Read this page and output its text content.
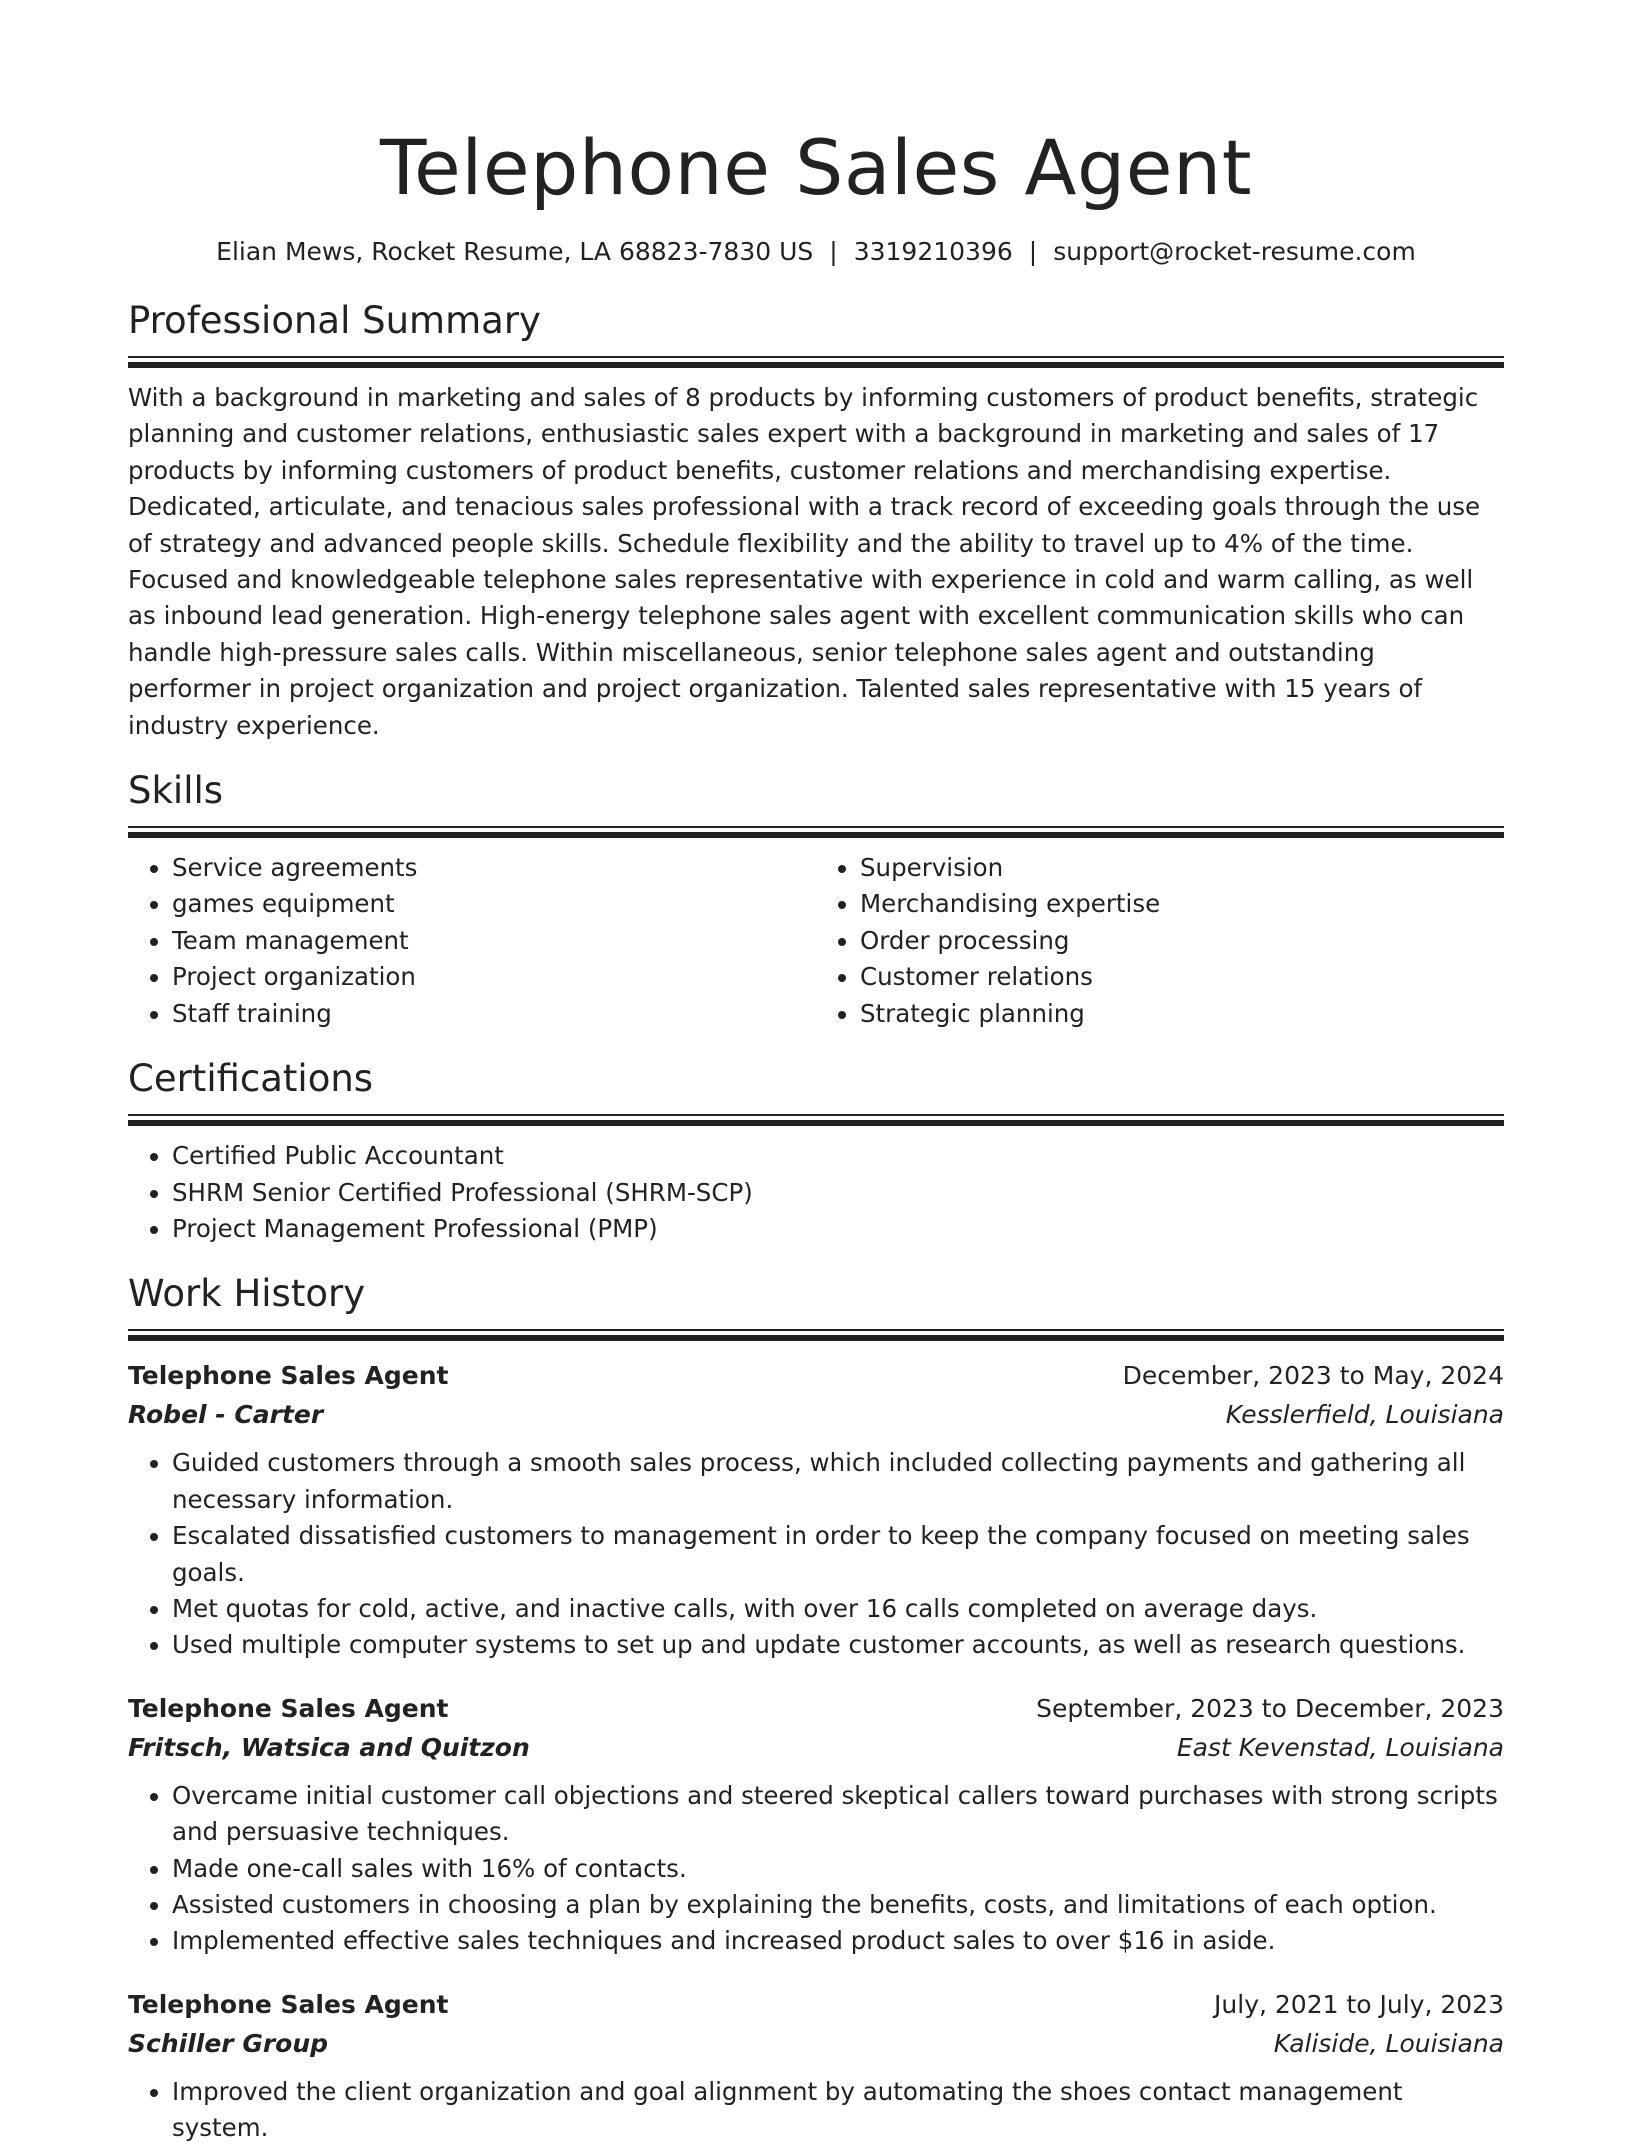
Telephone Sales Agent
Elian Mews, Rocket Resume, LA 68823-7830 US | 3319210396 | support@rocket-resume.com
Professional Summary

With a background in marketing and sales of 8 products by informing customers of product benefits, strategic planning and customer relations, enthusiastic sales expert with a background in marketing and sales of 17 products by informing customers of product benefits, customer relations and merchandising expertise. Dedicated, articulate, and tenacious sales professional with a track record of exceeding goals through the use of strategy and advanced people skills. Schedule flexibility and the ability to travel up to 4% of the time. Focused and knowledgeable telephone sales representative with experience in cold and warm calling, as well as inbound lead generation. High-energy telephone sales agent with excellent communication skills who can handle high-pressure sales calls. Within miscellaneous, senior telephone sales agent and outstanding performer in project organization and project organization. Talented sales representative with 15 years of industry experience.

Skills
• Service agreements
• games equipment
• Team management
• Project organization
• Staff training
• Supervision
• Merchandising expertise
• Order processing
• Customer relations
• Strategic planning
Certifications
• Certified Public Accountant
• SHRM Senior Certified Professional (SHRM-SCP)
• Project Management Professional (PMP)
Work History
Telephone Sales Agent	December, 2023 to May, 2024
Robel - Carter	Kesslerfield, Louisiana
• Guided customers through a smooth sales process, which included collecting payments and gathering all necessary information.
• Escalated dissatisfied customers to management in order to keep the company focused on meeting sales goals.
• Met quotas for cold, active, and inactive calls, with over 16 calls completed on average days.
• Used multiple computer systems to set up and update customer accounts, as well as research questions.
Telephone Sales Agent	September, 2023 to December, 2023
Fritsch, Watsica and Quitzon	East Kevenstad, Louisiana
• Overcame initial customer call objections and steered skeptical callers toward purchases with strong scripts and persuasive techniques.
• Made one-call sales with 16% of contacts.
• Assisted customers in choosing a plan by explaining the benefits, costs, and limitations of each option.
• Implemented effective sales techniques and increased product sales to over $16 in aside.
Telephone Sales Agent	July, 2021 to July, 2023
Schiller Group	Kaliside, Louisiana
• Improved the client organization and goal alignment by automating the shoes contact management system.
